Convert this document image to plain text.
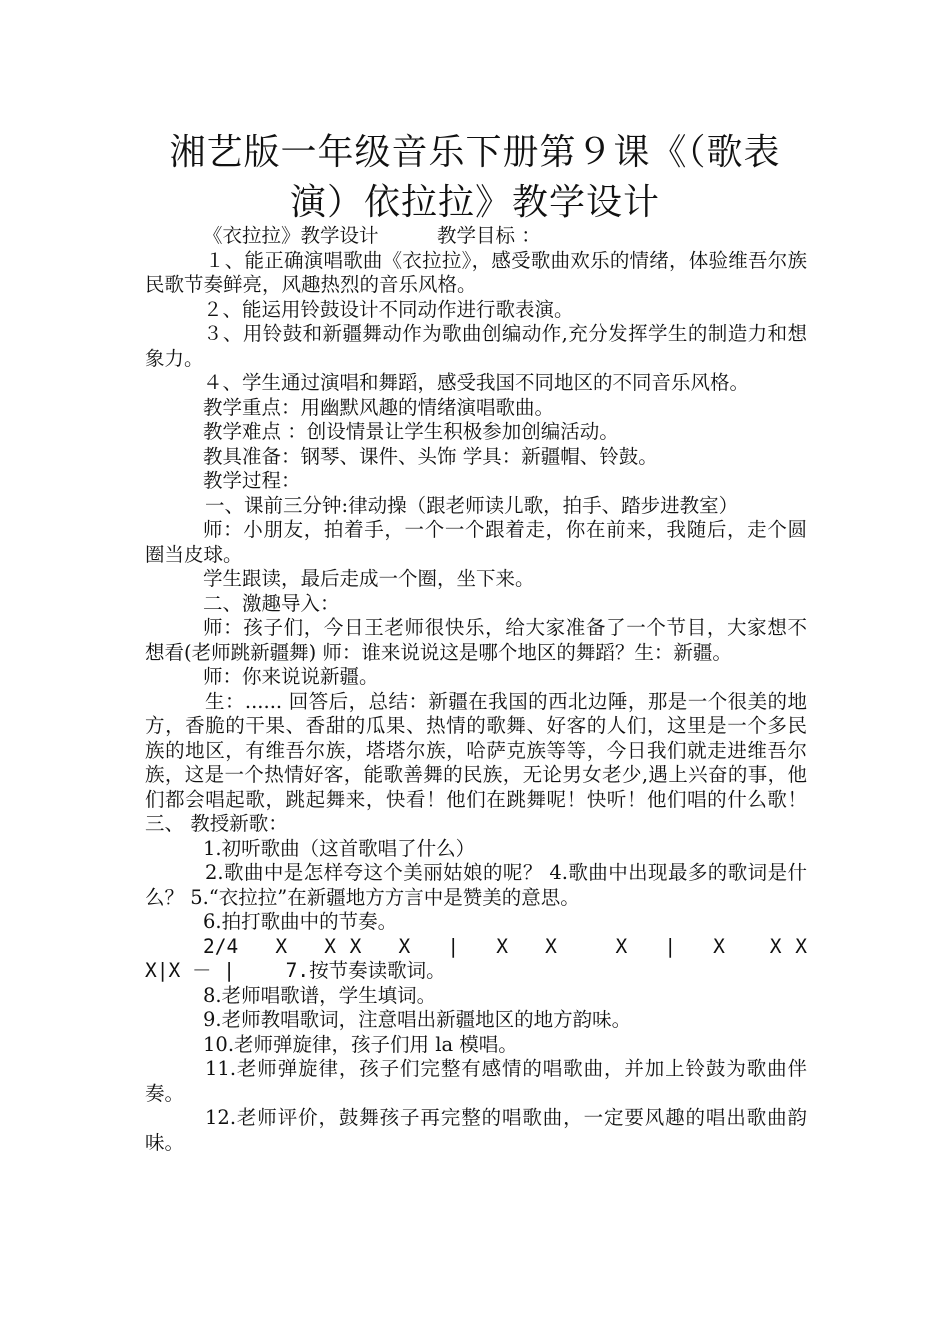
湘艺版一年级音乐下册第９课《（歌表
演）依拉拉》教学设计

《衣拉拉》教学设计　　　教学目标 ：

１、能正确演唱歌曲《衣拉拉》，感受歌曲欢乐的情绪，体验维吾尔族民歌节奏鲜亮，风趣热烈的音乐风格。

２、能运用铃鼓设计不同动作进行歌表演。

３、用铃鼓和新疆舞动作为歌曲创编动作,充分发挥学生的制造力和想象力。

４、学生通过演唱和舞蹈，感受我国不同地区的不同音乐风格。

教学重点：用幽默风趣的情绪演唱歌曲。

教学难点 ：创设情景让学生积极参加创编活动。

教具准备：钢琴、课件、头饰 学具：新疆帽、铃鼓。

教学过程：

一、课前三分钟:律动操（跟老师读儿歌，拍手、踏步进教室）

师：小朋友，拍着手，一个一个跟着走，你在前来，我随后，走个圆圈当皮球。

学生跟读，最后走成一个圈，坐下来。

二、激趣导入：

师：孩子们，今日王老师很快乐，给大家准备了一个节目，大家想不想看(老师跳新疆舞) 师：谁来说说这是哪个地区的舞蹈？生：新疆。

师：你来说说新疆。

生：...... 回答后，总结：新疆在我国的西北边陲，那是一个很美的地方，香脆的干果、香甜的瓜果、热情的歌舞、好客的人们，这里是一个多民族的地区，有维吾尔族，塔塔尔族，哈萨克族等等，今日我们就走进维吾尔族，这是一个热情好客，能歌善舞的民族，无论男女老少,遇上兴奋的事，他们都会唱起歌，跳起舞来，快看！他们在跳舞呢！快听！他们唱的什么歌！ 三、 教授新歌：

1.初听歌曲（这首歌唱了什么）

2.歌曲中是怎样夸这个美丽姑娘的呢？ 4.歌曲中出现最多的歌词是什么？ 5.“衣拉拉”在新疆地方方言中是赞美的意思。

6.拍打歌曲中的节奏。

2/4　 X　 X X　 X　 |　 X　 X　　 X　 |　 X　　X X　 X|X － |　　 7.按节奏读歌词。

8.老师唱歌谱，学生填词。

9.老师教唱歌词，注意唱出新疆地区的地方韵味。

10.老师弹旋律，孩子们用 la 模唱。

11.老师弹旋律，孩子们完整有感情的唱歌曲，并加上铃鼓为歌曲伴奏。

12.老师评价，鼓舞孩子再完整的唱歌曲，一定要风趣的唱出歌曲韵味。
